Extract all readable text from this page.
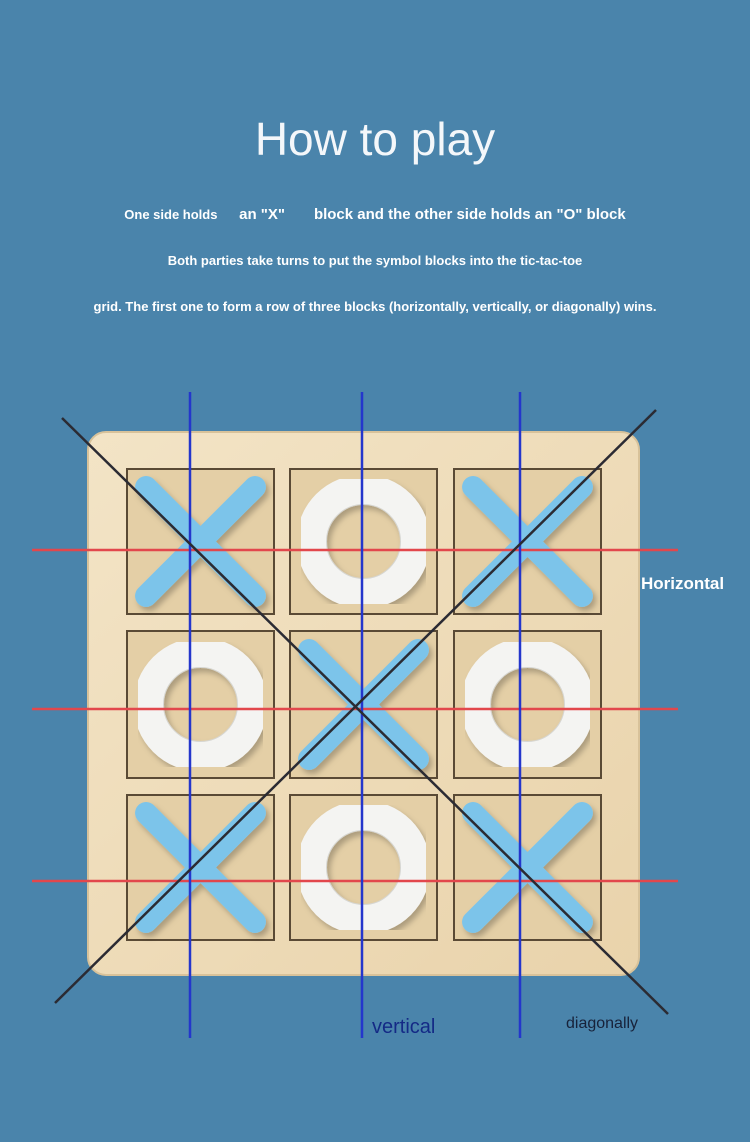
How to play
One side holds an "X" block and the other side holds an "O" block
Both parties take turns to put the symbol blocks into the tic-tac-toe
grid. The first one to form a row of three blocks (horizontally, vertically, or diagonally) wins.
Horizontal
vertical	diagonally
